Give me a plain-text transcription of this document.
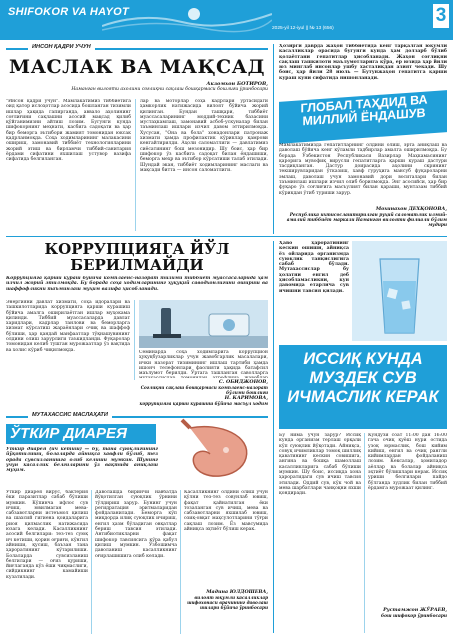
SHIFOKOR VA HAYOT
2025-yil 12-iyul || № 13 (656)
3
ИНСОН ҚАДРИ УЧУН
МАСЛАК ВА МАҚСАД
Акзомхон БОТИРОВ,
Наманган вилояти ахолини соғлиқни сақлаш бошқармаси бошлиғи ўринбосари
"Инсон қадри учун". Мамлакатимиз тиббиётига оид қатор ислоҳотлар асосида бошланган тизимли ишлар ҳақида гапирганда, аввало аҳолининг соғлиғини сақлашни асосий мақсад қилиб қўйганимизни айтиш лозим. Бугунги кунда шифокорнинг меҳнати, касбига садоқати ва ҳар бир беморга эътибори жамият томонидан юксак қадрланмоқда. Соҳа ходимларининг малакасини ошириш, замонавий тиббиёт технологияларини жорий этиш ва бирламчи тиббий-санитария ёрдами сифатини яхшилаш устувор вазифа сифатида белгиланган.
лар ва моторлар соҳа кадрлари ўртасидаги ҳамкорлик натижасида вилоят бўйича жорий қилинган. Бундан ташқари, тиббиёт муассасаларининг моддий-техник базасини мустаҳкамлаш, замонавий асбоб-ускуналар билан таъминлаш ишлари изчил давом эттирилмоқда. Хусусан, "Она ва бола" хонадонлари патронаж хизмати ҳамда профилактик кўриклар қамрови кенгайтирилди. Аҳоли саломатлиги — давлатимиз сиёсатининг бош мезонидир. Шу боис, ҳар бир шифокор ўз касбига садоқат билан ёндашиши, беморга меҳр ва эътибор кўрсатиши талаб этилади. Шундай экан, тиббиёт ходимларининг маслаги ва мақсади битта — инсон саломатлиги.
Ҳозирги даврда жаҳон тиббиётида кенг тарқалган юқумли касалликлар орасида бугунги кунда ҳам долзарб бўлиб қолаётгани гепатитлар ҳисобланади. Жаҳон соғлиқни сақлаш ташкилоти маълумотларига кўра, ер юзида ҳар йили юз минглаб инсонлар ушбу хасталикдан азият чекади. Шу боис, ҳар йили 28 июль — Бутунжаҳон гепатитга қарши кураш куни сифатида нишонланади.
ГЛОБАЛ ТАҲДИД ВА МИЛЛИЙ ЁНДАШУВ
Мамлакатимизда гепатитларнинг олдини олиш, эрта аниқлаш ва даволаш бўйича кенг кўламли тадбирлар амалга оширилмоқда. Бу борада Ўзбекистон Республикаси Вазирлар Маҳкамасининг қарорига мувофиқ вирусли гепатитларга қарши кураш дастури тасдиқланган. Дастур доирасида аҳолини скрининг текширувларидан ўтказиш, хавф гуруҳига мансуб фуқароларни эмлаш, даволаш учун замонавий дори воситалари билан таъминлаш ишлари изчил олиб борилмоқда. Энг асосийси, ҳар бир фуқаро ўз соғлиғига масъулият билан қараши, мунтазам тиббий кўрикдан ўтиб туриши зарур.
Мохинахон ДЕХҚОНОВА,
Республика ихтисослаштирилган руҳий саломатлик илмий-амалий тиббиёт маркази Наманган вилояти филиали бўлим мудири
КОРРУПЦИЯГА ЙЎЛ БЕРИЛМАЙДИ
Коррупцияга қарши кураш бўйича комплаенс-назорат тизими тиббиёт муассасаларида ҳам изчил жорий этилмоқда. Бу борада соҳа ходимларининг ҳуқуқий саводхонлигини ошириш ва шаффофликни таъминлаш муҳим вазифа ҳисобланади.
Энергияни давлат хизмати, соҳа идоралари ва ташкилотларида коррупцияга қарши курашиш бўйича амалга оширилаётган ишлар муҳокама қилинди. Тиббий муассасаларда давлат харидлари, кадрлар танлови ва беморларга хизмат кўрсатиш жараёнлари очиқ ва шаффоф бўлиши, ҳар қандай манфаатлар тўқнашувининг олдини олиш зарурлиги таъкидланди. Фуқаролар томонидан келиб тушган мурожаатлар ўз вақтида ва холис кўриб чиқилмоқда.	Семинарда соҳа ходимларига коррупцион ҳуқуқбузарликлар учун жавобгарлик масалалари, ички назорат тизимининг ишлаш тартиби ҳамда ишонч телефонлари фаолияти ҳақида батафсил маълумот берилди. Ўртага ташланган саволларга
С. ОБИДЖОНОВ,
Соғлиқни сақлаш бошқармаси комплаенс-назорат бўлими бошлиғи
Н. КАРИМОВА,
коррупцияга қарши курашиш бўйича масъул ходим
Ҳаво ҳароратининг кескин ошиши, айниқса ёз ойларида организмда суюқлик танқислигига сабаб бўлади. Мутахассислар бу ҳолатни енгил деб ҳисобламасликни, кун давомида етарлича сув ичишни тавсия қилади.
ИССИҚ КУНДА МУЗДЕК СУВ ИЧМАСЛИК КЕРАК
МУТАХАССИС МАСЛАҲАТИ
ЎТКИР ДИАРЕЯ
Ўткир диарея (ич кетиш) — бу, тана суюқлигининг йўқотилиши, болаларда айниқса хавфли бўлиб, тез орада сувсизланишга олиб келиши мумкин. Шунинг учун касаллик белгиларини ўз вақтида аниқлаш муҳим.
Ўткир диарея вирус, бактерия ёки паразитлар сабаб бўлиши мумкин. Кўпинча ифлос сув ичиш, ювилмаган мева-сабзавотларни истеъмол қилиш ва шахсий гигиена қоидаларига риоя қилмаслик натижасида юзага келади. Касалликнинг асосий белгилари: тез-тез суюқ ич кетиши, қорин оғриғи, кўнгил айниши, қусиш, баъзан тана ҳароратининг кўтарилиши. Болаларда сувсизланиш белгилари — оғиз қуриши, йиғлаганда кўз ёши чиқмаслиги, сийдикнинг камайиши кузатилади.
Даволашда биринчи навбатда йўқотилган суюқлик ўрнини тўлдириш зарур. Бунинг учун регидратация эритмаларидан фойдаланилади. Беморга кўп миқдорда илиқ суюқлик ичириш, енгил ҳазм бўладиган овқатлар бериш тавсия этилади. Антибиотикларни фақат шифокор тавсиясига кўра қабул қилиш мумкин. Ўзбошимча даволаниш касалликнинг оғирлашишига олиб келади.
Касалликнинг олдини олиш учун қўлни тез-тез совунлаб ювиш, фақат қайнатилган ёки тозаланган сув ичиш, мева ва сабзавотларни яхшилаб ювиш, озиқ-овқат маҳсулотларини тўғри сақлаш лозим. Ёз мавсумида айниқса эҳтиёт бўлиш керак.
Мадина ЮЛДОШЕВА,
вилоят юқумли касалликлар шифохонаси врачининг даволаш ишлари бўйича ўринбосари
Бу нима учун зарур? Иссиқ кунда организм терлаш орқали кўп суюқлик йўқотади. Айниқса, совуқ ичимликлар томоқ шиллиқ қаватининг кескин совишига, ангина ва бошқа шамоллаш касалликларига сабаб бўлиши мумкин. Шу боис, иссиқда хона ҳароратидаги сув ичиш тавсия этилади. Оддий сув, кўк чой ва мева шарбатлари чанқоқни яхши қондиради.
Кундузи соат 11:00 дан 16:00 гача очиқ қуёш нури остида узоқ юрмаслик, бош кийим кийиш, енгил ва очиқ рангли кийимлардан фойдаланиш лозим. Кексалар, ҳомиладор аёллар ва болалар айниқса эҳтиёт бўлишлари керак. Иссиқ уриши белгилари пайдо бўлганда зудлик билан тиббий ёрдамга мурожаат қилинг.
Рустамжон ЖЎРАЕВ,
бош шифокор ўринбосари
